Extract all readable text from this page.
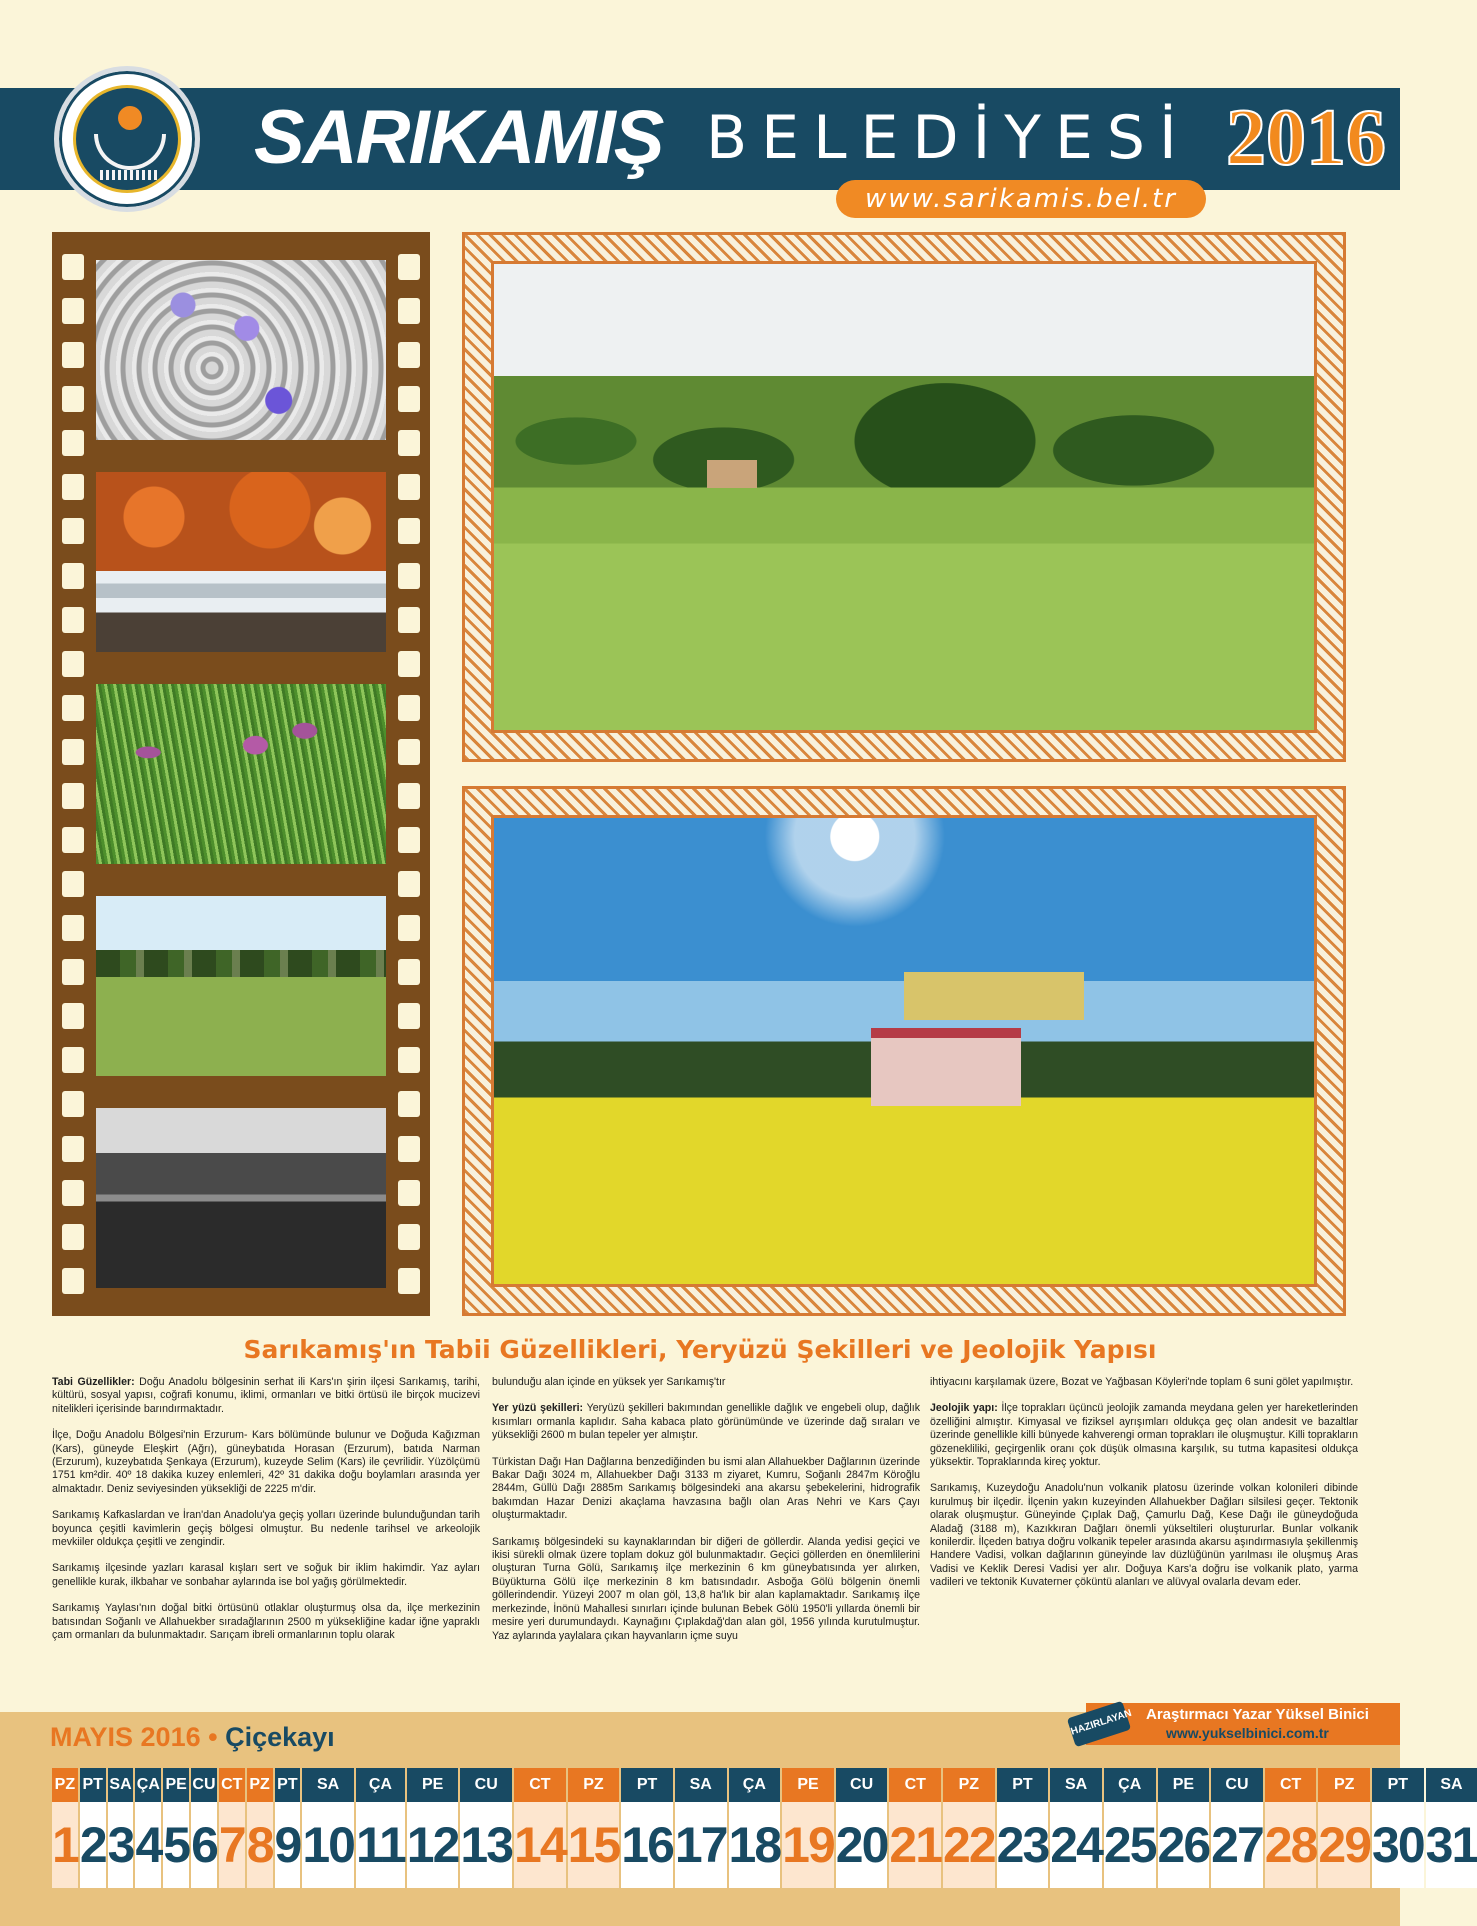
SARIKAMIŞ BELEDİYESİ 2016
www.sarikamis.bel.tr
Sarıkamış'ın Tabii Güzellikleri, Yeryüzü Şekilleri ve Jeolojik Yapısı

Tabi Güzellikler: Doğu Anadolu bölgesinin serhat ili Kars'ın şirin ilçesi Sarıkamış, tarihi, kültürü, sosyal yapısı, coğrafi konumu, iklimi, ormanları ve bitki örtüsü ile birçok mucizevi nitelikleri içerisinde barındırmaktadır.

İlçe, Doğu Anadolu Bölgesi'nin Erzurum- Kars bölümünde bulunur ve Doğuda Kağızman (Kars), güneyde Eleşkirt (Ağrı), güneybatıda Horasan (Erzurum), batıda Narman (Erzurum), kuzeybatıda Şenkaya (Erzurum), kuzeyde Selim (Kars) ile çevrilidir. Yüzölçümü 1751 km²dir. 40º 18 dakika kuzey enlemleri, 42º 31 dakika doğu boylamları arasında yer almaktadır. Deniz seviyesinden yüksekliği de 2225 m'dir.

Sarıkamış Kafkaslardan ve İran'dan Anadolu'ya geçiş yolları üzerinde bulunduğundan tarih boyunca çeşitli kavimlerin geçiş bölgesi olmuştur. Bu nedenle tarihsel ve arkeolojik mevkiiler oldukça çeşitli ve zengindir.

Sarıkamış ilçesinde yazları karasal kışları sert ve soğuk bir iklim hakimdir. Yaz ayları genellikle kurak, ilkbahar ve sonbahar aylarında ise bol yağış görülmektedir.

Sarıkamış Yaylası'nın doğal bitki örtüsünü otlaklar oluşturmuş olsa da, ilçe merkezinin batısından Soğanlı ve Allahuekber sıradağlarının 2500 m yüksekliğine kadar iğne yapraklı çam ormanları da bulunmaktadır. Sarıçam ibreli ormanlarının toplu olarak

bulunduğu alan içinde en yüksek yer Sarıkamış'tır

Yer yüzü şekilleri: Yeryüzü şekilleri bakımından genellikle dağlık ve engebeli olup, dağlık kısımları ormanla kaplıdır. Saha kabaca plato görünümünde ve üzerinde dağ sıraları ve yüksekliği 2600 m bulan tepeler yer almıştır.

Türkistan Dağı Han Dağlarına benzediğinden bu ismi alan Allahuekber Dağlarının üzerinde Bakar Dağı 3024 m, Allahuekber Dağı 3133 m ziyaret, Kumru, Soğanlı 2847m Köroğlu 2844m, Güllü Dağı 2885m Sarıkamış bölgesindeki ana akarsu şebekelerini, hidrografik bakımdan Hazar Denizi akaçlama havzasına bağlı olan Aras Nehri ve Kars Çayı oluşturmaktadır.

Sarıkamış bölgesindeki su kaynaklarından bir diğeri de göllerdir. Alanda yedisi geçici ve ikisi sürekli olmak üzere toplam dokuz göl bulunmaktadır. Geçici göllerden en önemlilerini oluşturan Turna Gölü, Sarıkamış ilçe merkezinin 6 km güneybatısında yer alırken, Büyükturna Gölü ilçe merkezinin 8 km batısındadır. Asboğa Gölü bölgenin önemli göllerindendir. Yüzeyi 2007 m olan göl, 13,8 ha'lık bir alan kaplamaktadır. Sarıkamış ilçe merkezinde, İnönü Mahallesi sınırları içinde bulunan Bebek Gölü 1950'li yıllarda önemli bir mesire yeri durumundaydı. Kaynağını Çıplakdağ'dan alan göl, 1956 yılında kurutulmuştur. Yaz aylarında yaylalara çıkan hayvanların içme suyu

ihtiyacını karşılamak üzere, Bozat ve Yağbasan Köyleri'nde toplam 6 suni gölet yapılmıştır.

Jeolojik yapı: İlçe toprakları üçüncü jeolojik zamanda meydana gelen yer hareketlerinden özelliğini almıştır. Kimyasal ve fiziksel ayrışımları oldukça geç olan andesit ve bazaltlar üzerinde genellikle killi bünyede kahverengi orman toprakları ile oluşmuştur. Killi toprakların gözenekliliki, geçirgenlik oranı çok düşük olmasına karşılık, su tutma kapasitesi oldukça yüksektir. Topraklarında kireç yoktur.

Sarıkamış, Kuzeydoğu Anadolu'nun volkanik platosu üzerinde volkan kolonileri dibinde kurulmuş bir ilçedir. İlçenin yakın kuzeyinden Allahuekber Dağları silsilesi geçer. Tektonik olarak oluşmuştur. Güneyinde Çıplak Dağ, Çamurlu Dağ, Kese Dağı ile güneydoğuda Aladağ (3188 m), Kazıkkıran Dağları önemli yükseltileri oluştururlar. Bunlar volkanik konilerdir. İlçeden batıya doğru volkanik tepeler arasında akarsu aşındırmasıyla şekillenmiş Handere Vadisi, volkan dağlarının güneyinde lav düzlüğünün yarılması ile oluşmuş Aras Vadisi ve Keklik Deresi Vadisi yer alır. Doğuya Kars'a doğru ise volkanik plato, yarma vadileri ve tektonik Kuvaterner çöküntü alanları ve alüvyal ovalarla devam eder.

MAYIS 2016 • Çiçekayı	HAZIRLAYAN Araştırmacı Yazar Yüksel Binici
www.yukselbinici.com.tr
PZ
1
PT
2
SA
3
ÇA
4
PE
5
CU
6
CT
7
PZ
8
PT
9
SA
10
ÇA
11
PE
12
CU
13
CT
14
PZ
15
PT
16
SA
17
ÇA
18
PE
19
CU
20
CT
21
PZ
22
PT
23
SA
24
ÇA
25
PE
26
CU
27
CT
28
PZ
29
PT
30
SA
31
